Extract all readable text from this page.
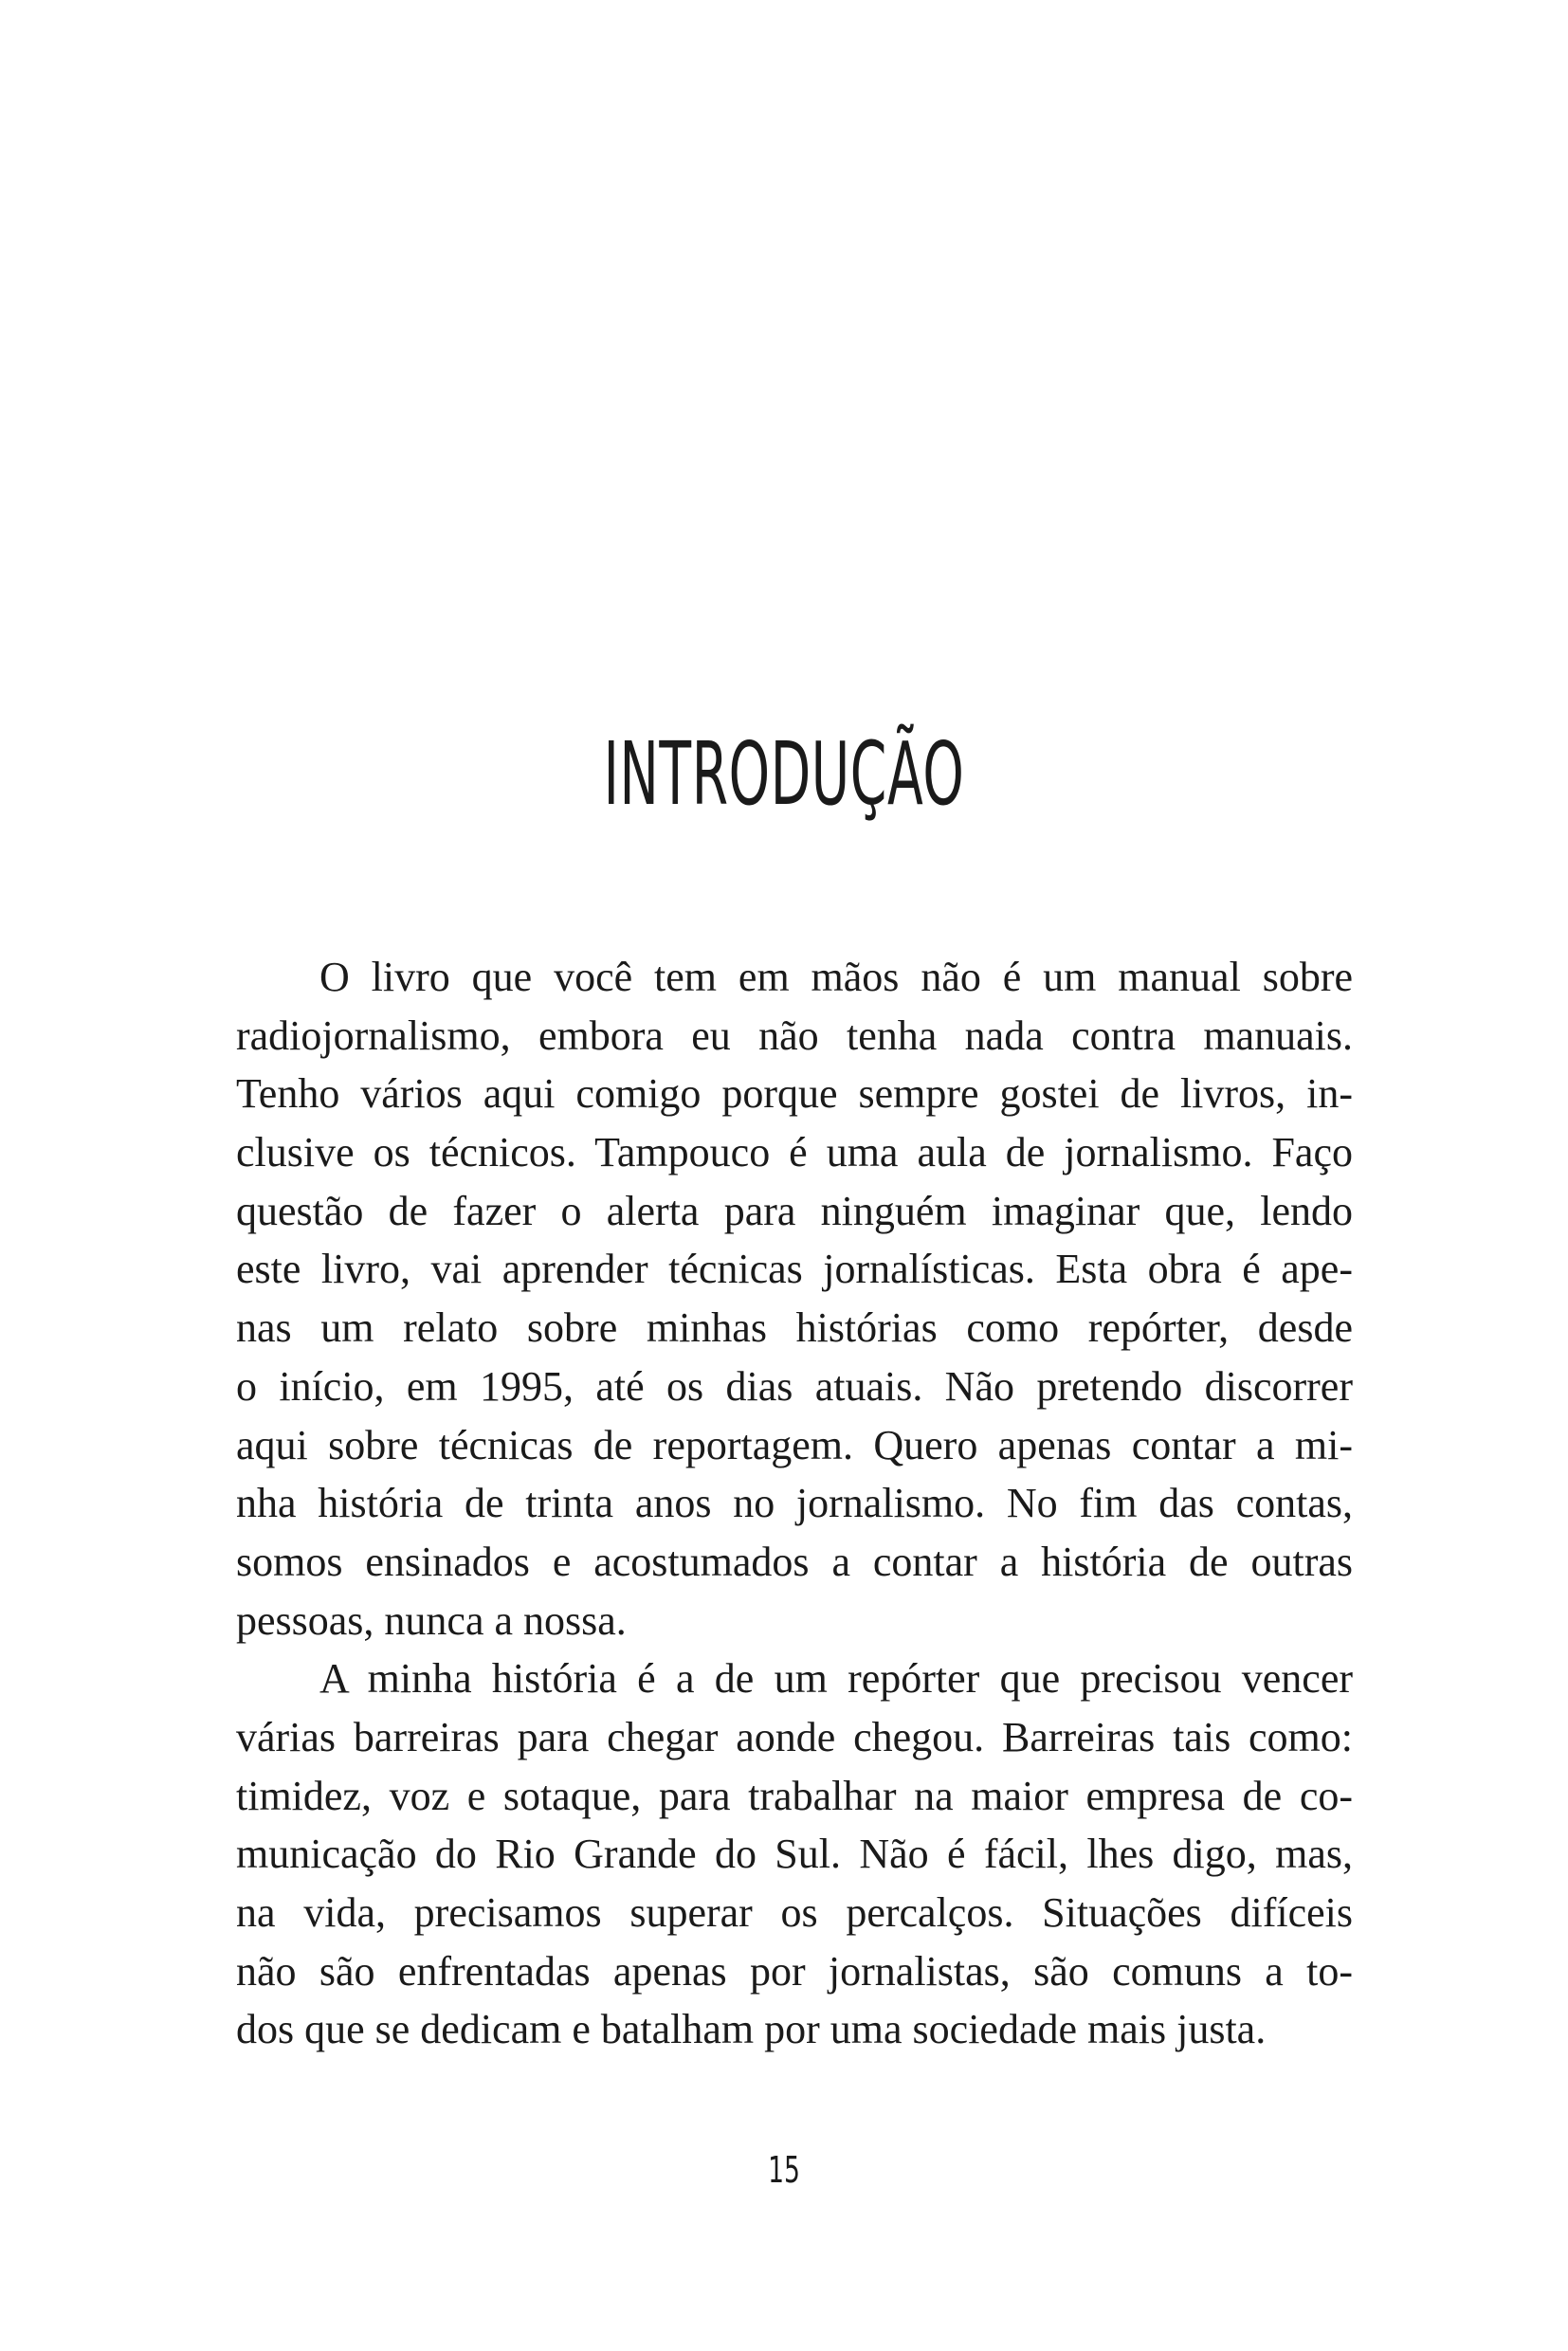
INTRODUÇÃO
O livro que você tem em mãos não é um manual sobre
radiojornalismo, embora eu não tenha nada contra manuais.
Tenho vários aqui comigo porque sempre gostei de livros, in-
clusive os técnicos. Tampouco é uma aula de jornalismo. Faço
questão de fazer o alerta para ninguém imaginar que, lendo
este livro, vai aprender técnicas jornalísticas. Esta obra é ape-
nas um relato sobre minhas histórias como repórter, desde
o início, em 1995, até os dias atuais. Não pretendo discorrer
aqui sobre técnicas de reportagem. Quero apenas contar a mi-
nha história de trinta anos no jornalismo. No fim das contas,
somos ensinados e acostumados a contar a história de outras
pessoas, nunca a nossa.
A minha história é a de um repórter que precisou vencer
várias barreiras para chegar aonde chegou. Barreiras tais como:
timidez, voz e sotaque, para trabalhar na maior empresa de co-
municação do Rio Grande do Sul. Não é fácil, lhes digo, mas,
na vida, precisamos superar os percalços. Situações difíceis
não são enfrentadas apenas por jornalistas, são comuns a to-
dos que se dedicam e batalham por uma sociedade mais justa.
15
